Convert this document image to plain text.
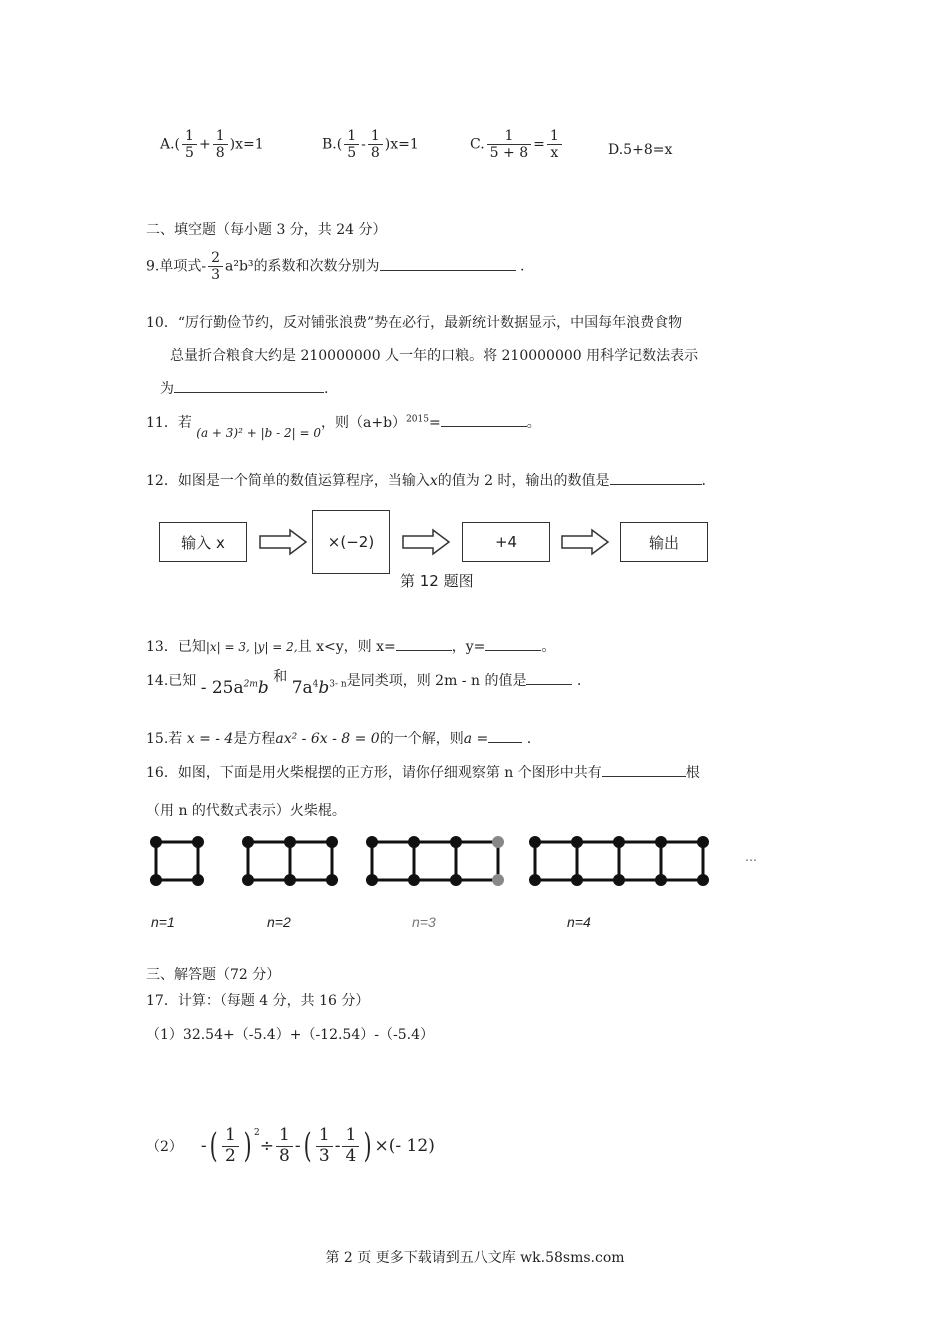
$A.( \frac{1}{5} + \frac{1}{8} )x=1$	$B.( \frac{1}{5} - \frac{1}{8} )x=1$	C. $\frac{1}{5 + 8} = \frac{1}{x}$	D.5+8=x
二、填空题（每小题 3 分，共 24 分）
9.单项式- $\frac{2}{3} a^2b^3$的系数和次数分别为	.
10．“厉行勤俭节约，反对铺张浪费”势在必行，最新统计数据显示，中国每年浪费食物
总量折合粮食大约是 210000000 人一年的口粮。将 210000000 用科学记数法表示
为	.
11．若 (a + 3)² + |b - 2| = 0，则$(a+b)^{2015}=$	。
12．如图是一个简单的数值运算程序，当输入x的值为 2 时，输出的数值是	.
输入 x	×(−2)	+4	输出
第 12 题图
13．已知|x| = 3, |y| = 2,且 x<y，则 x=	，y=	。
14.已知 - $25a^{2m}b$ 和 $7a^4b^{3- n}$是同类项，则 2m - n 的值是	.
15.若 x = - 4是方程ax² - 6x - 8 = 0的一个解，则a =	.
16．如图，下面是用火柴棍摆的正方形，请你仔细观察第 n 个图形中共有	根
（用 n 的代数式表示）火柴棍。
…
n=1	n=2	n=3	n=4
三、解答题（72 分）
17．计算：（每题 4 分，共 16 分）
（1）32.54+（-5.4）+（-12.54）-（-5.4）
（2） - ( $\frac{1}{2}$ ) 2
÷ $\frac{1}{8}$ - ( $\frac{1}{3} - \frac{1}{4}$ ) ×(- 12)
第 2 页 更多下载请到五八文库 wk.58sms.com
